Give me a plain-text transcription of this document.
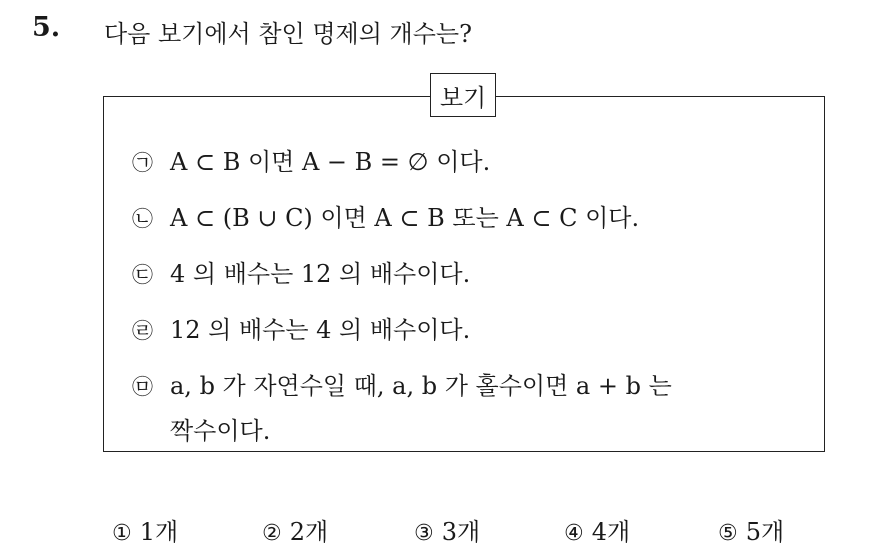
5. 다음 보기에서 참인 명제의 개수는?
보기
㉠ A ⊂ B 이면 A − B = ∅ 이다.
㉡ A ⊂ (B ∪ C) 이면 A ⊂ B 또는 A ⊂ C 이다.
㉢ 4 의 배수는 12 의 배수이다.
㉣ 12 의 배수는 4 의 배수이다.
㉤ a, b 가 자연수일 때, a, b 가 홀수이면 a + b 는
짝수이다.
① 1개	② 2개	③ 3개	④ 4개	⑤ 5개
